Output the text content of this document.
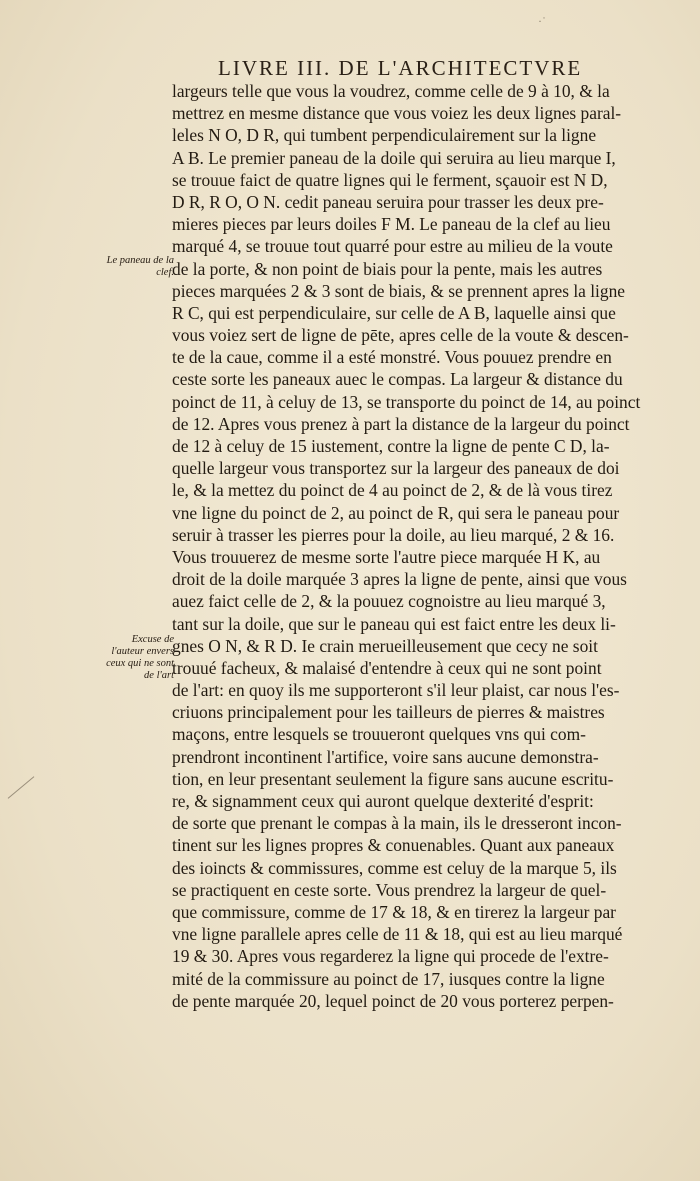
·˙
LIVRE III. DE L'ARCHITECTVRE
Le paneau de la clef.
Excuse de l'auteur envers ceux qui ne sont de l'art
largeurs telle que vous la voudrez, comme celle de 9 à 10, & la
mettrez en mesme distance que vous voiez les deux lignes paral-
leles N O, D R, qui tumbent perpendiculairement sur la ligne
A B. Le premier paneau de la doile qui seruira au lieu marque I,
se trouue faict de quatre lignes qui le ferment, sçauoir est N D,
D R, R O, O N. cedit paneau seruira pour trasser les deux pre-
mieres pieces par leurs doiles F M. Le paneau de la clef au lieu
marqué 4, se trouue tout quarré pour estre au milieu de la voute
de la porte, & non point de biais pour la pente, mais les autres
pieces marquées 2 & 3 sont de biais, & se prennent apres la ligne
R C, qui est perpendiculaire, sur celle de A B, laquelle ainsi que
vous voiez sert de ligne de pēte, apres celle de la voute & descen-
te de la caue, comme il a esté monstré. Vous pouuez prendre en
ceste sorte les paneaux auec le compas. La largeur & distance du
poinct de 11, à celuy de 13, se transporte du poinct de 14, au poinct
de 12. Apres vous prenez à part la distance de la largeur du poinct
de 12 à celuy de 15 iustement, contre la ligne de pente C D, la-
quelle largeur vous transportez sur la largeur des paneaux de doi
le, & la mettez du poinct de 4 au poinct de 2, & de là vous tirez
vne ligne du poinct de 2, au poinct de R, qui sera le paneau pour
seruir à trasser les pierres pour la doile, au lieu marqué, 2 & 16.
Vous trouuerez de mesme sorte l'autre piece marquée H K, au
droit de la doile marquée 3 apres la ligne de pente, ainsi que vous
auez faict celle de 2, & la pouuez cognoistre au lieu marqué 3,
tant sur la doile, que sur le paneau qui est faict entre les deux li-
gnes O N, & R D. Ie crain merueilleusement que cecy ne soit
trouué facheux, & malaisé d'entendre à ceux qui ne sont point
de l'art: en quoy ils me supporteront s'il leur plaist, car nous l'es-
criuons principalement pour les tailleurs de pierres & maistres
maçons, entre lesquels se trouueront quelques vns qui com-
prendront incontinent l'artifice, voire sans aucune demonstra-
tion, en leur presentant seulement la figure sans aucune escritu-
re, & signamment ceux qui auront quelque dexterité d'esprit:
de sorte que prenant le compas à la main, ils le dresseront incon-
tinent sur les lignes propres & conuenables. Quant aux paneaux
des ioincts & commissures, comme est celuy de la marque 5, ils
se practiquent en ceste sorte. Vous prendrez la largeur de quel-
que commissure, comme de 17 & 18, & en tirerez la largeur par
vne ligne parallele apres celle de 11 & 18, qui est au lieu marqué
19 & 30. Apres vous regarderez la ligne qui procede de l'extre-
mité de la commissure au poinct de 17, iusques contre la ligne
de pente marquée 20, lequel poinct de 20 vous porterez perpen-
